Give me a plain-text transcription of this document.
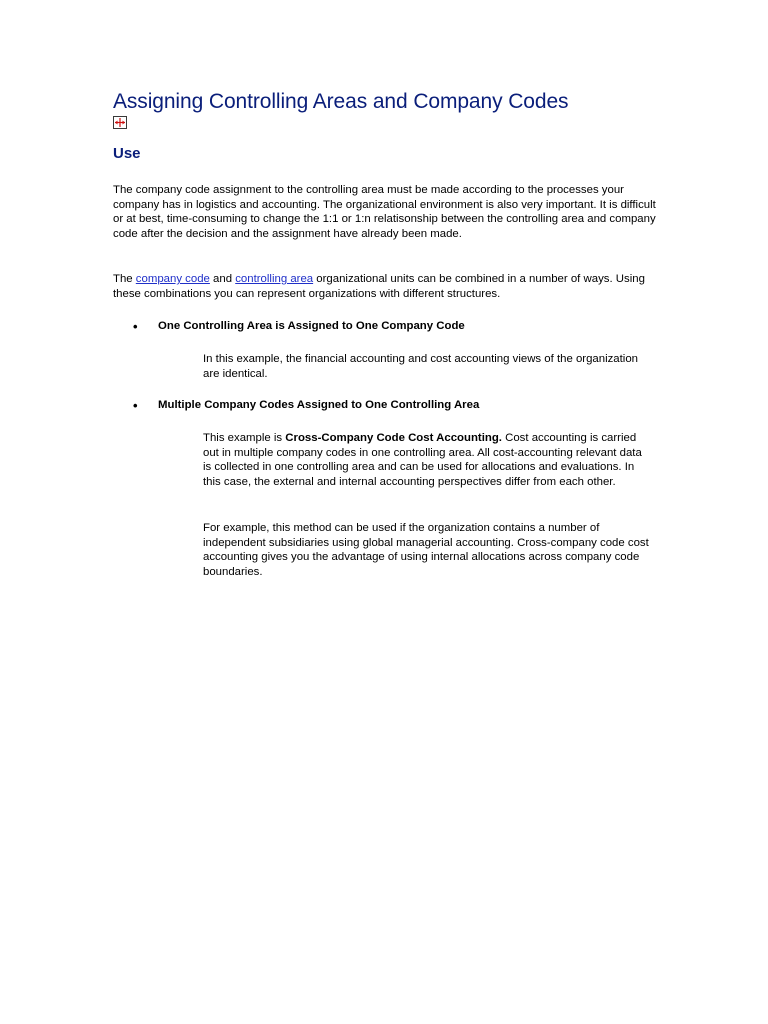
Assigning Controlling Areas and Company Codes
Use

The company code assignment to the controlling area must be made according to the processes your company has in logistics and accounting. The organizational environment is also very important. It is difficult or at best, time-consuming to change the 1:1 or 1:n relatisonship between the controlling area and company code after the decision and the assignment have already been made.

The company code and controlling area organizational units can be combined in a number of ways. Using these combinations you can represent organizations with different structures.

• One Controlling Area is Assigned to One Company Code

In this example, the financial accounting and cost accounting views of the organization are identical.

• Multiple Company Codes Assigned to One Controlling Area

This example is Cross-Company Code Cost Accounting. Cost accounting is carried out in multiple company codes in one controlling area. All cost-accounting relevant data is collected in one controlling area and can be used for allocations and evaluations. In this case, the external and internal accounting perspectives differ from each other.

For example, this method can be used if the organization contains a number of independent subsidiaries using global managerial accounting. Cross-company code cost accounting gives you the advantage of using internal allocations across company code boundaries.
